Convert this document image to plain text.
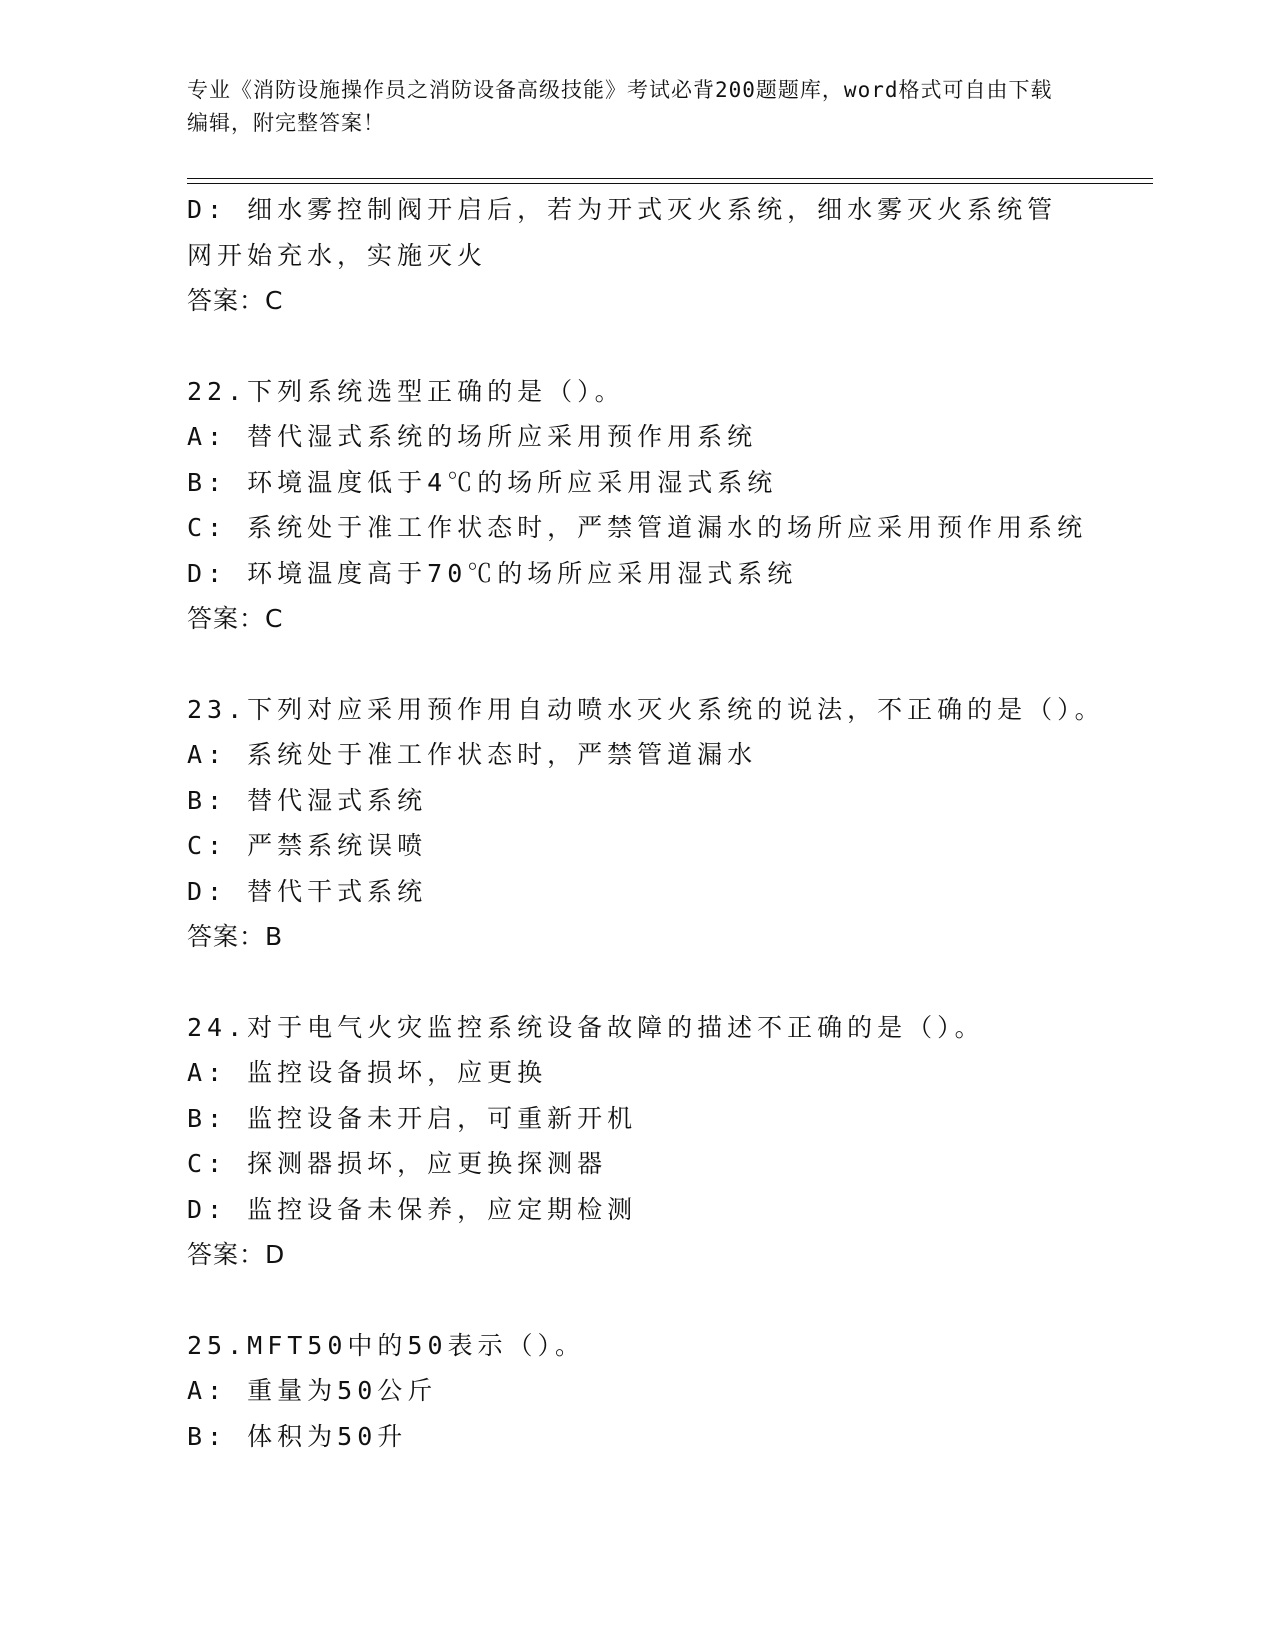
专业《消防设施操作员之消防设备高级技能》考试必背200题题库，word格式可自由下载编辑，附完整答案！
D: 细水雾控制阀开启后，若为开式灭火系统，细水雾灭火系统管网开始充水，实施灭火
答案：C
22.下列系统选型正确的是（）。
A: 替代湿式系统的场所应采用预作用系统
B: 环境温度低于4℃的场所应采用湿式系统
C: 系统处于准工作状态时，严禁管道漏水的场所应采用预作用系统
D: 环境温度高于70℃的场所应采用湿式系统
答案：C
23.下列对应采用预作用自动喷水灭火系统的说法，不正确的是（）。
A: 系统处于准工作状态时，严禁管道漏水
B: 替代湿式系统
C: 严禁系统误喷
D: 替代干式系统
答案：B
24.对于电气火灾监控系统设备故障的描述不正确的是（）。
A: 监控设备损坏，应更换
B: 监控设备未开启，可重新开机
C: 探测器损坏，应更换探测器
D: 监控设备未保养，应定期检测
答案：D
25.MFT50中的50表示（）。
A: 重量为50公斤
B: 体积为50升
